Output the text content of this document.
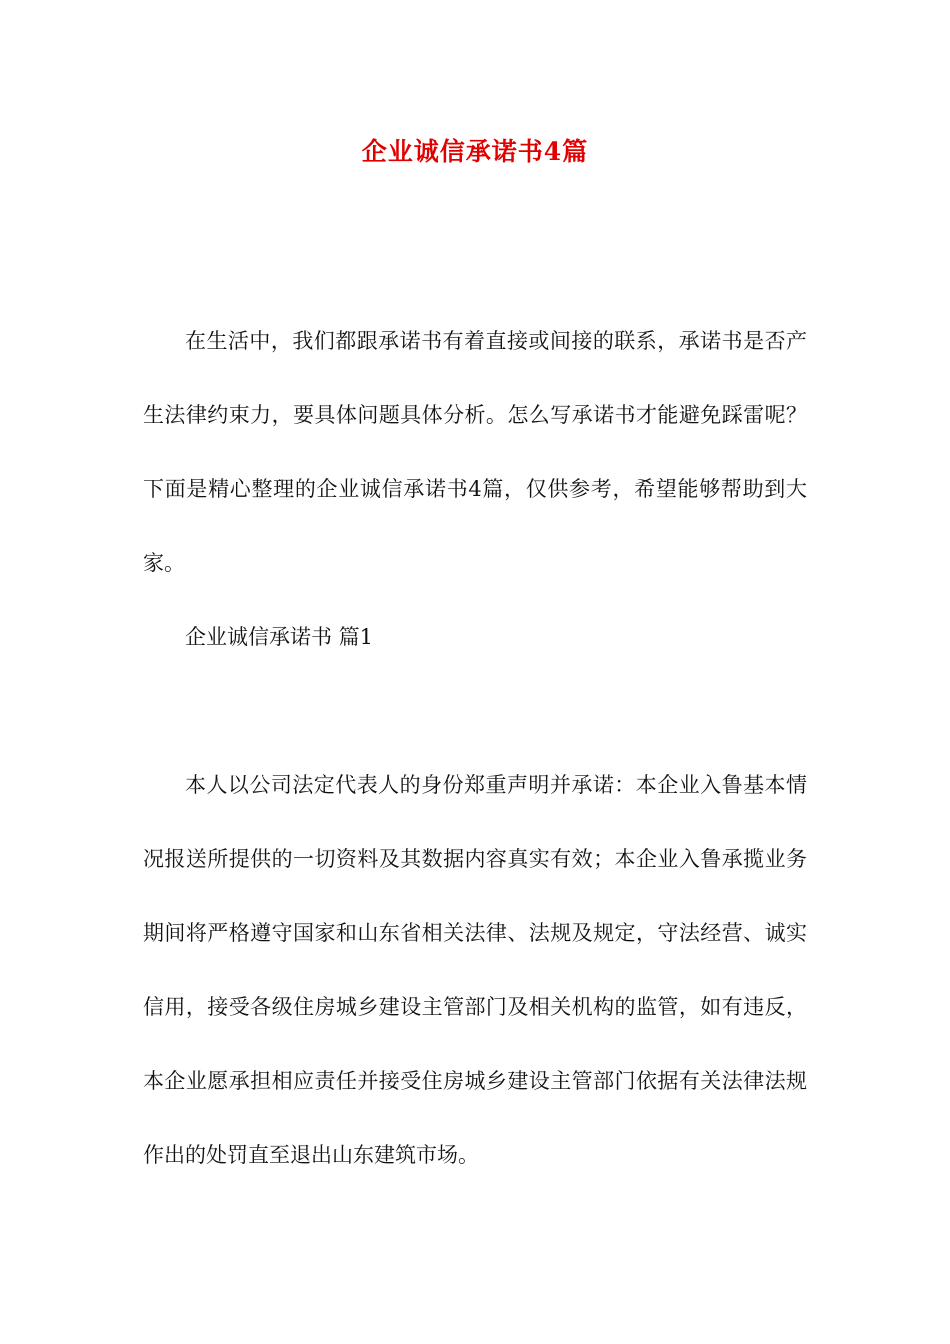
企业诚信承诺书4篇

在生活中，我们都跟承诺书有着直接或间接的联系，承诺书是否产生法律约束力，要具体问题具体分析。怎么写承诺书才能避免踩雷呢？下面是精心整理的企业诚信承诺书4篇，仅供参考，希望能够帮助到大家。

企业诚信承诺书 篇1

本人以公司法定代表人的身份郑重声明并承诺：本企业入鲁基本情况报送所提供的一切资料及其数据内容真实有效；本企业入鲁承揽业务期间将严格遵守国家和山东省相关法律、法规及规定，守法经营、诚实信用，接受各级住房城乡建设主管部门及相关机构的监管，如有违反，本企业愿承担相应责任并接受住房城乡建设主管部门依据有关法律法规作出的处罚直至退出山东建筑市场。
